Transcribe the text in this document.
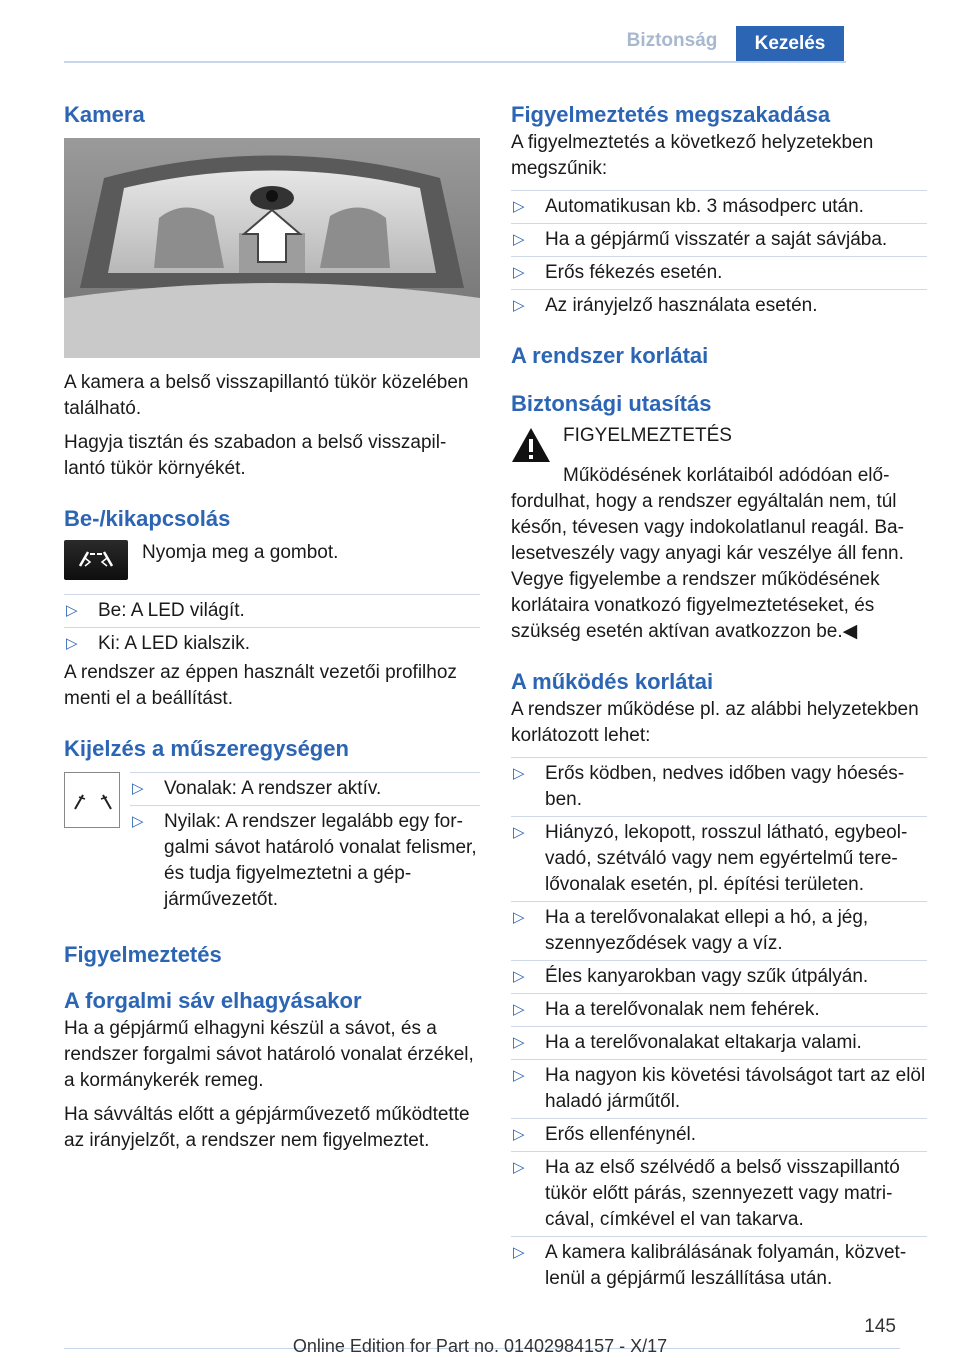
Biztonság	Kezelés
Kamera
A kamera a belső visszapillantó tükör közelében található.
Hagyja tisztán és szabadon a belső visszapillantó tükör környékét.
Be-/kikapcsolás
Nyomja meg a gombot.
▷	Be: A LED világít.
▷	Ki: A LED kialszik.
A rendszer az éppen használt vezetői profilhoz menti el a beállítást.
Kijelzés a műszeregységen
▷	Vonalak: A rendszer aktív.
▷	Nyilak: A rendszer legalább egy forgalmi sávot határoló vonalat felismer, és tudja figyelmeztetni a gépjárművezetőt.
Figyelmeztetés
A forgalmi sáv elhagyásakor
Ha a gépjármű elhagyni készül a sávot, és a rendszer forgalmi sávot határoló vonalat érzékel, a kormánykerék remeg.
Ha sávváltás előtt a gépjárművezető működtette az irányjelzőt, a rendszer nem figyelmeztet.
Figyelmeztetés megszakadása
A figyelmeztetés a következő helyzetekben megszűnik:
▷	Automatikusan kb. 3 másodperc után.
▷	Ha a gépjármű visszatér a saját sávjába.
▷	Erős fékezés esetén.
▷	Az irányjelző használata esetén.
A rendszer korlátai
Biztonsági utasítás
FIGYELMEZTETÉS
Működésének korlátaiból adódóan előfordulhat, hogy a rendszer egyáltalán nem, túl későn, tévesen vagy indokolatlanul reagál. Balesetveszély vagy anyagi kár veszélye áll fenn. Vegye figyelembe a rendszer működésének korlátaira vonatkozó figyelmeztetéseket, és szükség esetén aktívan avatkozzon be.◀
A működés korlátai
A rendszer működése pl. az alábbi helyzetekben korlátozott lehet:
▷	Erős ködben, nedves időben vagy hóesésben.
▷	Hiányzó, lekopott, rosszul látható, egybeolvadó, szétváló vagy nem egyértelmű terelővonalak esetén, pl. építési területen.
▷	Ha a terelővonalakat ellepi a hó, a jég, szennyeződések vagy a víz.
▷	Éles kanyarokban vagy szűk útpályán.
▷	Ha a terelővonalak nem fehérek.
▷	Ha a terelővonalakat eltakarja valami.
▷	Ha nagyon kis követési távolságot tart az elöl haladó járműtől.
▷	Erős ellenfénynél.
▷	Ha az első szélvédő a belső visszapillantó tükör előtt párás, szennyezett vagy matricával, címkével el van takarva.
▷	A kamera kalibrálásának folyamán, közvetlenül a gépjármű leszállítása után.
145
Online Edition for Part no. 01402984157 - X/17
